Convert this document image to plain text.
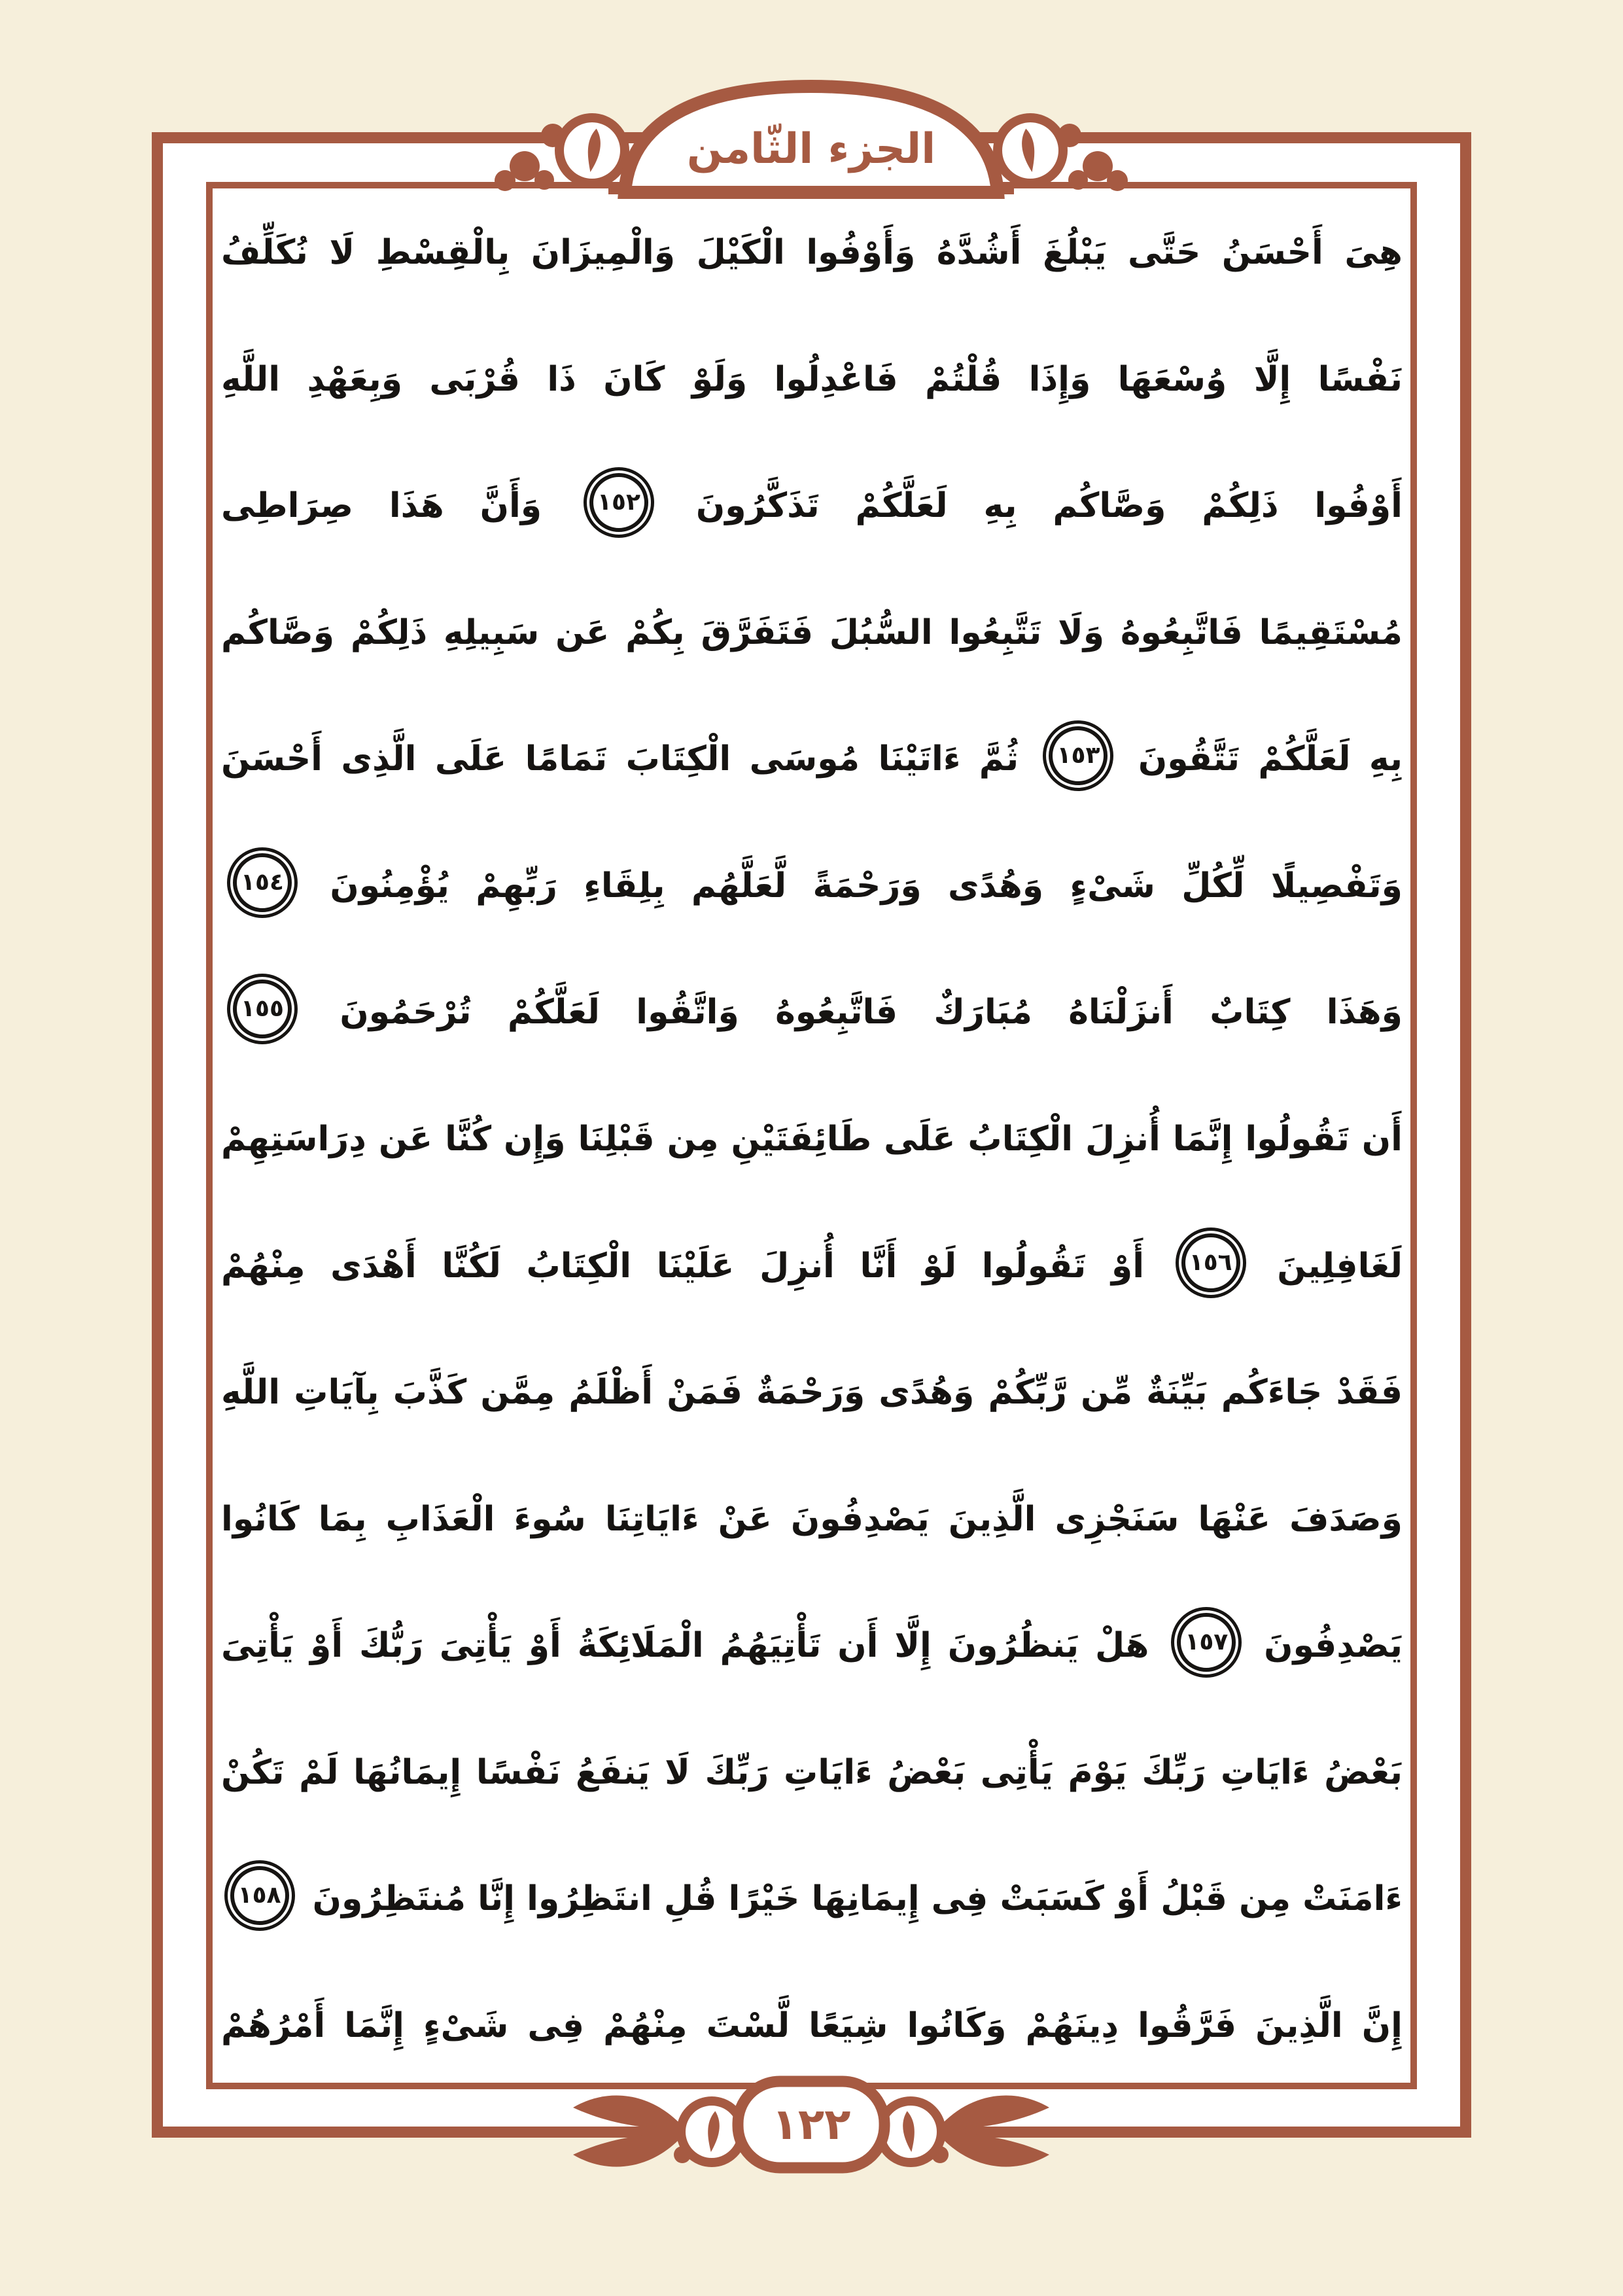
هِىَ أَحْسَنُ حَتَّى يَبْلُغَ أَشُدَّهُ وَأَوْفُوا الْكَيْلَ وَالْمِيزَانَ بِالْقِسْطِ لَا نُكَلِّفُ
نَفْسًا إِلَّا وُسْعَهَا وَإِذَا قُلْتُمْ فَاعْدِلُوا وَلَوْ كَانَ ذَا قُرْبَى وَبِعَهْدِ اللَّهِ
أَوْفُوا ذَلِكُمْ وَصَّاكُم بِهِ لَعَلَّكُمْ تَذَكَّرُونَ ١٥٢ وَأَنَّ هَذَا صِرَاطِى
مُسْتَقِيمًا فَاتَّبِعُوهُ وَلَا تَتَّبِعُوا السُّبُلَ فَتَفَرَّقَ بِكُمْ عَن سَبِيلِهِ ذَلِكُمْ وَصَّاكُم
بِهِ لَعَلَّكُمْ تَتَّقُونَ ١٥٣ ثُمَّ ءَاتَيْنَا مُوسَى الْكِتَابَ تَمَامًا عَلَى الَّذِى أَحْسَنَ
وَتَفْصِيلًا لِّكُلِّ شَىْءٍ وَهُدًى وَرَحْمَةً لَّعَلَّهُم بِلِقَاءِ رَبِّهِمْ يُؤْمِنُونَ ١٥٤
وَهَذَا كِتَابٌ أَنزَلْنَاهُ مُبَارَكٌ فَاتَّبِعُوهُ وَاتَّقُوا لَعَلَّكُمْ تُرْحَمُونَ ١٥٥
أَن تَقُولُوا إِنَّمَا أُنزِلَ الْكِتَابُ عَلَى طَائِفَتَيْنِ مِن قَبْلِنَا وَإِن كُنَّا عَن دِرَاسَتِهِمْ
لَغَافِلِينَ ١٥٦ أَوْ تَقُولُوا لَوْ أَنَّا أُنزِلَ عَلَيْنَا الْكِتَابُ لَكُنَّا أَهْدَى مِنْهُمْ
فَقَدْ جَاءَكُم بَيِّنَةٌ مِّن رَّبِّكُمْ وَهُدًى وَرَحْمَةٌ فَمَنْ أَظْلَمُ مِمَّن كَذَّبَ بِآيَاتِ اللَّهِ
وَصَدَفَ عَنْهَا سَنَجْزِى الَّذِينَ يَصْدِفُونَ عَنْ ءَايَاتِنَا سُوءَ الْعَذَابِ بِمَا كَانُوا
يَصْدِفُونَ ١٥٧ هَلْ يَنظُرُونَ إِلَّا أَن تَأْتِيَهُمُ الْمَلَائِكَةُ أَوْ يَأْتِىَ رَبُّكَ أَوْ يَأْتِىَ
بَعْضُ ءَايَاتِ رَبِّكَ يَوْمَ يَأْتِى بَعْضُ ءَايَاتِ رَبِّكَ لَا يَنفَعُ نَفْسًا إِيمَانُهَا لَمْ تَكُنْ
ءَامَنَتْ مِن قَبْلُ أَوْ كَسَبَتْ فِى إِيمَانِهَا خَيْرًا قُلِ انتَظِرُوا إِنَّا مُنتَظِرُونَ ١٥٨
إِنَّ الَّذِينَ فَرَّقُوا دِينَهُمْ وَكَانُوا شِيَعًا لَّسْتَ مِنْهُمْ فِى شَىْءٍ إِنَّمَا أَمْرُهُمْ
الجزء الثّامن
١٢٢
